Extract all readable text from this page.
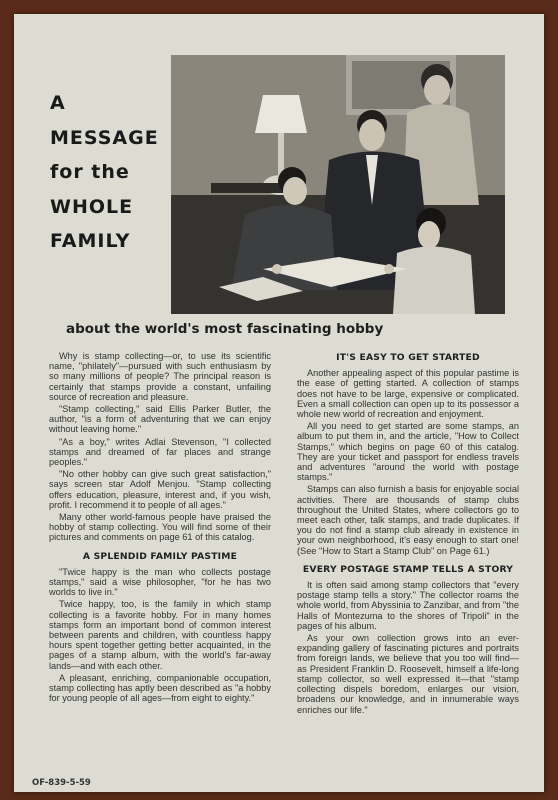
A
MESSAGE
for the
WHOLE
FAMILY
about the world's most fascinating hobby

Why is stamp collecting—or, to use its scientific name, "philately"—pursued with such enthusiasm by so many millions of people? The principal reason is certainly that stamps provide a constant, unfailing source of recreation and pleasure.

"Stamp collecting," said Ellis Parker Butler, the author, "is a form of adventuring that we can enjoy without leaving home."

"As a boy," writes Adlai Stevenson, "I collected stamps and dreamed of far places and strange peoples."

"No other hobby can give such great satisfaction," says screen star Adolf Menjou. "Stamp collecting offers education, pleasure, interest and, if you wish, profit. I recommend it to people of all ages."

Many other world-famous people have praised the hobby of stamp collecting. You will find some of their pictures and comments on page 61 of this catalog.

A SPLENDID FAMILY PASTIME

"Twice happy is the man who collects postage stamps," said a wise philosopher, "for he has two worlds to live in."

Twice happy, too, is the family in which stamp collecting is a favorite hobby. For in many homes stamps form an important bond of common interest between parents and children, with countless happy hours spent together getting better acquainted, in the pages of a stamp album, with the world's far-away lands—and with each other.

A pleasant, enriching, companionable occupation, stamp collecting has aptly been described as "a hobby for young people of all ages—from eight to eighty."

IT'S EASY TO GET STARTED

Another appealing aspect of this popular pastime is the ease of getting started. A collection of stamps does not have to be large, expensive or complicated. Even a small collection can open up to its possessor a whole new world of recreation and enjoyment.

All you need to get started are some stamps, an album to put them in, and the article, "How to Collect Stamps," which begins on page 60 of this catalog. They are your ticket and passport for endless travels and adventures "around the world with postage stamps."

Stamps can also furnish a basis for enjoyable social activities. There are thousands of stamp clubs throughout the United States, where collectors go to meet each other, talk stamps, and trade duplicates. If you do not find a stamp club already in existence in your own neighborhood, it's easy enough to start one! (See "How to Start a Stamp Club" on Page 61.)

EVERY POSTAGE STAMP TELLS A STORY

It is often said among stamp collectors that "every postage stamp tells a story." The collector roams the whole world, from Abyssinia to Zanzibar, and from "the Halls of Montezuma to the shores of Tripoli" in the pages of his album.

As your own collection grows into an ever-expanding gallery of fascinating pictures and portraits from foreign lands, we believe that you too will find—as President Franklin D. Roosevelt, himself a life-long stamp collector, so well expressed it—that "stamp collecting dispels boredom, enlarges our vision, broadens our knowledge, and in innumerable ways enriches our life."

OF-839-5-59
